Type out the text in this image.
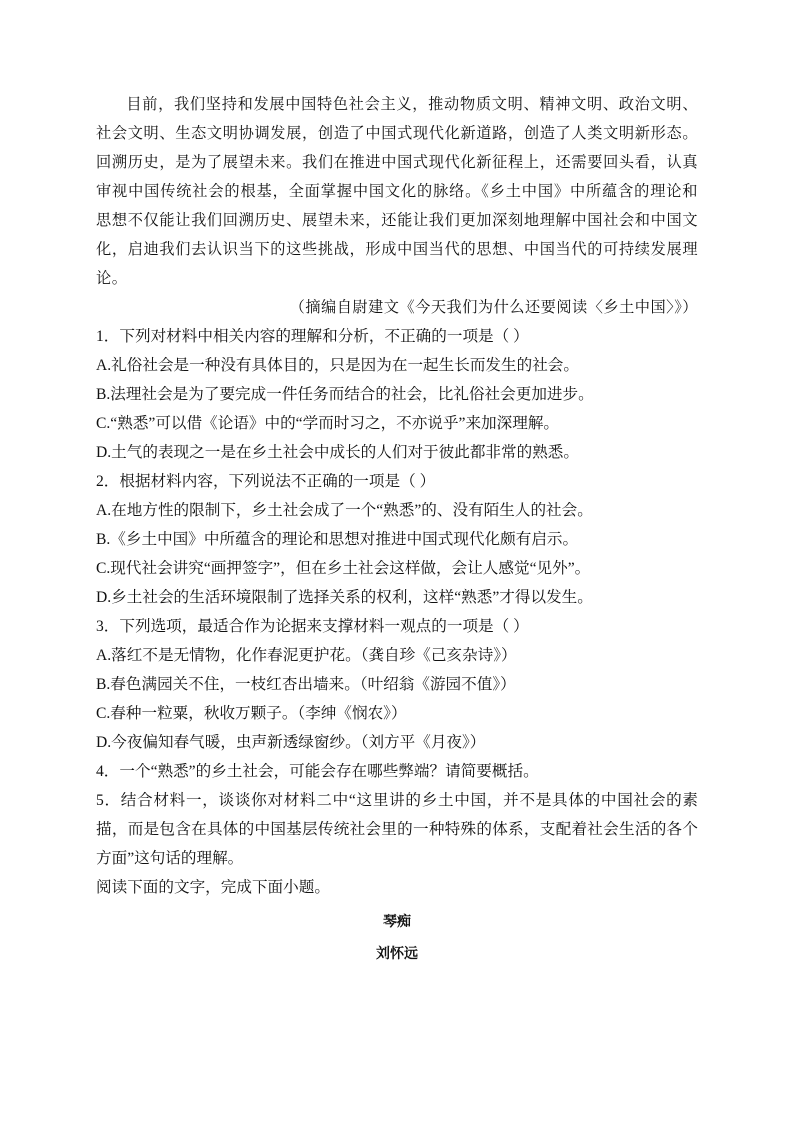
目前，我们坚持和发展中国特色社会主义，推动物质文明、精神文明、政治文明、社会文明、生态文明协调发展，创造了中国式现代化新道路，创造了人类文明新形态。回溯历史，是为了展望未来。我们在推进中国式现代化新征程上，还需要回头看，认真审视中国传统社会的根基，全面掌握中国文化的脉络。《乡土中国》中所蕴含的理论和思想不仅能让我们回溯历史、展望未来，还能让我们更加深刻地理解中国社会和中国文化，启迪我们去认识当下的这些挑战，形成中国当代的思想、中国当代的可持续发展理论。

（摘编自尉建文《今天我们为什么还要阅读〈乡土中国〉》）

1．下列对材料中相关内容的理解和分析，不正确的一项是（ ）

A.礼俗社会是一种没有具体目的，只是因为在一起生长而发生的社会。

B.法理社会是为了要完成一件任务而结合的社会，比礼俗社会更加进步。

C.“熟悉”可以借《论语》中的“学而时习之，不亦说乎”来加深理解。

D.土气的表现之一是在乡土社会中成长的人们对于彼此都非常的熟悉。

2．根据材料内容，下列说法不正确的一项是（ ）

A.在地方性的限制下，乡土社会成了一个“熟悉”的、没有陌生人的社会。

B.《乡土中国》中所蕴含的理论和思想对推进中国式现代化颇有启示。

C.现代社会讲究“画押签字”，但在乡土社会这样做，会让人感觉“见外”。

D.乡土社会的生活环境限制了选择关系的权利，这样“熟悉”才得以发生。

3．下列选项，最适合作为论据来支撑材料一观点的一项是（ ）

A.落红不是无情物，化作春泥更护花。（龚自珍《己亥杂诗》）

B.春色满园关不住，一枝红杏出墙来。（叶绍翁《游园不值》）

C.春种一粒粟，秋收万颗子。（李绅《悯农》）

D.今夜偏知春气暖，虫声新透绿窗纱。（刘方平《月夜》）

4．一个“熟悉”的乡土社会，可能会存在哪些弊端？请简要概括。

5．结合材料一，谈谈你对材料二中“这里讲的乡土中国，并不是具体的中国社会的素描，而是包含在具体的中国基层传统社会里的一种特殊的体系，支配着社会生活的各个方面”这句话的理解。

阅读下面的文字，完成下面小题。

琴痴

刘怀远
